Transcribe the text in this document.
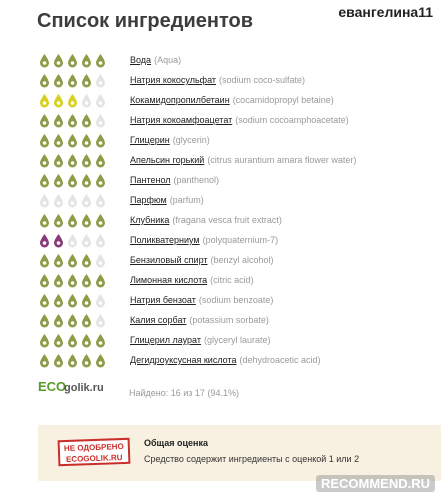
евангелина11
Список ингредиентов
Вода (Aqua)
Натрия кокосульфат (sodium coco-sulfate)
Кокамидопропилбетаин (cocamidopropyl betaine)
Натрия кокоамфоацетат (sodium cocoamphoacetate)
Глицерин (glycerin)
Апельсин горький (citrus aurantium amara flower water)
Пантенол (panthenol)
Парфюм (parfum)
Клубника (fragana vesca fruit extract)
Поликватерниум (polyquaternium-7)
Бензиловый спирт (benzyl alcohol)
Лимонная кислота (citric acid)
Натрия бензоат (sodium benzoate)
Калия сорбат (potassium sorbate)
Глицерил лаурат (glyceryl laurate)
Дегидроуксусная кислота (dehydroacetic acid)
ECO
golik.ru	Найдено: 16 из 17 (94.1%)
НЕ ОДОБРЕНО
ECOGOLIK.RU
Общая оценка
Средство содержит ингредиенты с оценкой 1 или 2
RECOMMEND.RU
